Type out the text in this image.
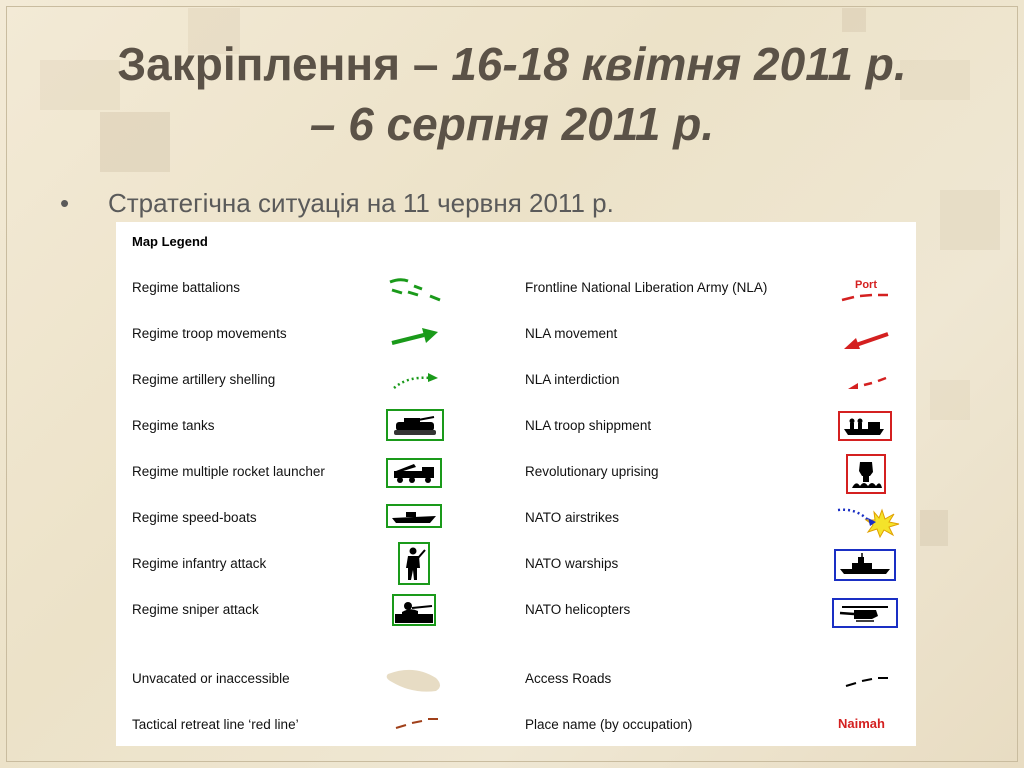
Закріплення – 16-18 квітня 2011 р.
– 6 серпня 2011 р.
• Стратегічна ситуація на 11 червня 2011 р.
Map Legend
Regime battalions
Regime troop movements
Regime artillery shelling
Regime tanks
Regime multiple rocket launcher
Regime speed-boats
Regime infantry attack
Regime sniper attack
Unvacated or inaccessible
Tactical retreat line ‘red line’
Frontline National Liberation Army (NLA)
NLA movement
NLA interdiction
NLA troop shippment
Revolutionary uprising
NATO airstrikes
NATO warships
NATO helicopters
Access Roads
Place name (by occupation)
Port
Naimah
